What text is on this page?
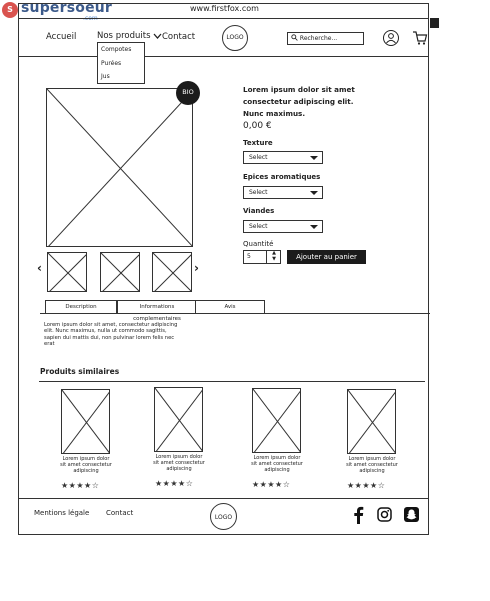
S supersoeur
.com
www.firstfox.com
Accueil Nos produits	Contact	LOGO	Recherche...
Compotes
Purées
Jus
BIO
‹	›
Lorem ipsum dolor sit amet consectetur adipiscing elit. Nunc maximus.
0,00 €
Texture
Select
Epices aromatiques
Select
Viandes
Select
Quantité
5	▲
▼	Ajouter au panier
Description	Informations complementaires
Avis
Lorem ipsum dolor sit amet, consectetur adipiscing elit. Nunc maximus, nulla ut commodo sagittis, sapien dui mattis dui, non pulvinar lorem felis nec erat
Produits similaires
Lorem ipsum dolor sit amet consectetur adipiscing
★★★★☆
Lorem ipsum dolor sit amet consectetur adipiscing
★★★★☆
Lorem ipsum dolor sit amet consectetur adipiscing
★★★★☆
Lorem ipsum dolor sit amet consectetur adipiscing
★★★★☆
Mentions légale Contact
LOGO
